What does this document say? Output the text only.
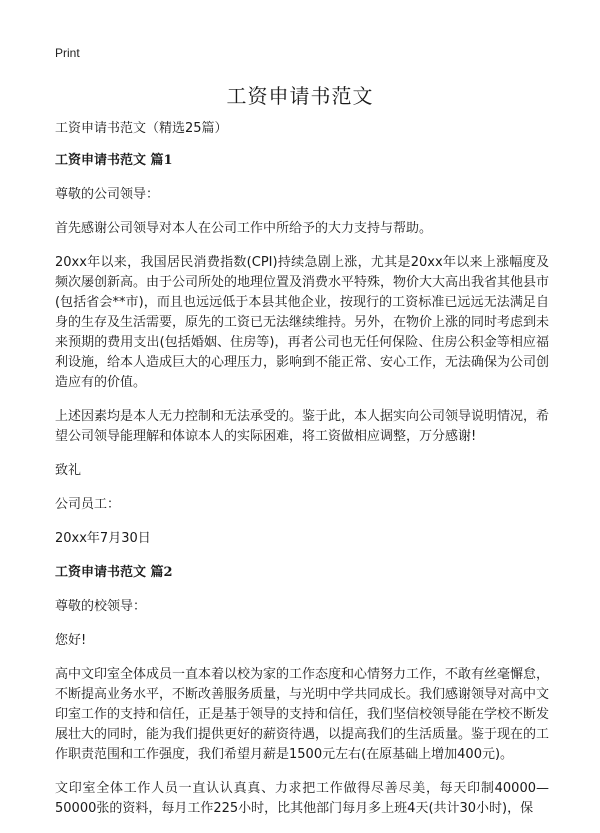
Print
工资申请书范文

工资申请书范文（精选25篇）

工资申请书范文 篇1

尊敬的公司领导：

首先感谢公司领导对本人在公司工作中所给予的大力支持与帮助。

20xx年以来，我国居民消费指数(CPI)持续急剧上涨，尤其是20xx年以来上涨幅度及频次屡创新高。由于公司所处的地理位置及消费水平特殊，物价大大高出我省其他县市(包括省会**市)，而且也远远低于本县其他企业，按现行的工资标准已远远无法满足自身的生存及生活需要，原先的工资已无法继续维持。另外，在物价上涨的同时考虑到未来预期的费用支出(包括婚姻、住房等)，再者公司也无任何保险、住房公积金等相应福利设施，给本人造成巨大的心理压力，影响到不能正常、安心工作，无法确保为公司创造应有的价值。

上述因素均是本人无力控制和无法承受的。鉴于此，本人据实向公司领导说明情况，希望公司领导能理解和体谅本人的实际困难，将工资做相应调整，万分感谢!

致礼

公司员工：

20xx年7月30日

工资申请书范文 篇2

尊敬的校领导：

您好!

高中文印室全体成员一直本着以校为家的工作态度和心情努力工作，不敢有丝毫懈怠，不断提高业务水平，不断改善服务质量，与光明中学共同成长。我们感谢领导对高中文印室工作的支持和信任，正是基于领导的支持和信任，我们坚信校领导能在学校不断发展壮大的同时，能为我们提供更好的薪资待遇，以提高我们的生活质量。鉴于现在的工作职责范围和工作强度，我们希望月薪是1500元左右(在原基础上增加400元)。

文印室全体工作人员一直认认真真、力求把工作做得尽善尽美，每天印制40000—50000张的资料，每月工作225小时，比其他部门每月多上班4天(共计30小时)，保
